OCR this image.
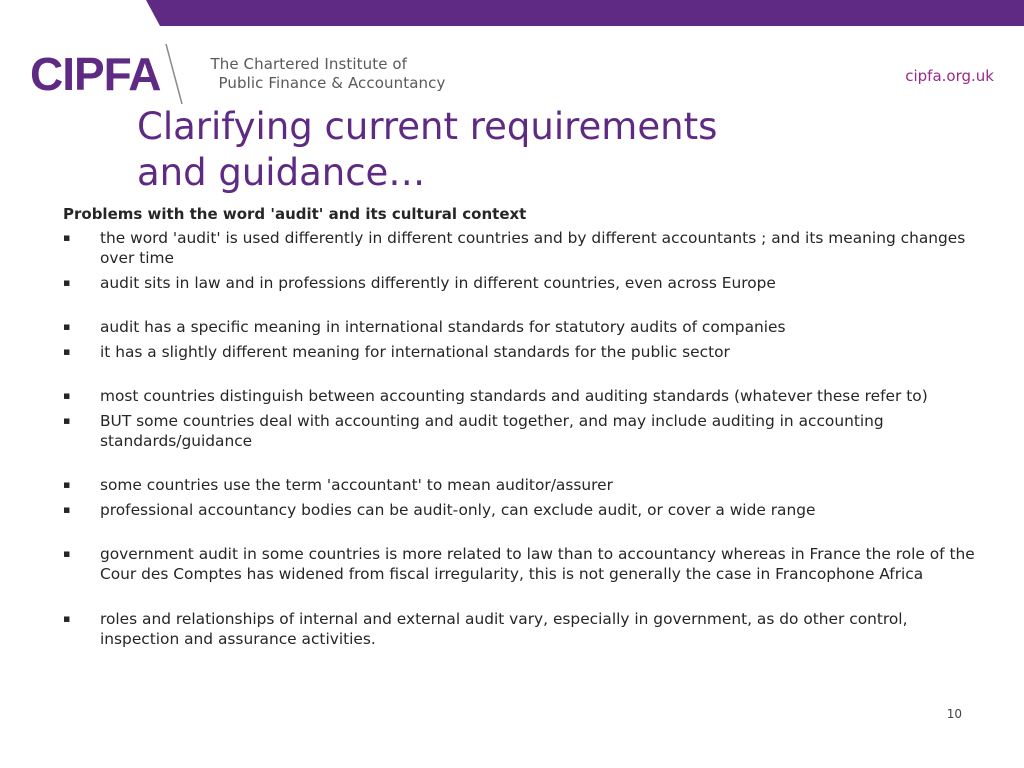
CIPFA	The Chartered Institute of
Public Finance & Accountancy	cipfa.org.uk
Clarifying current requirements
and guidance…

Problems with the word 'audit' and its cultural context

▪ the word 'audit' is used differently in different countries and by different accountants ; and its meaning changes over time
▪ audit sits in law and in professions differently in different countries, even across Europe
▪ audit has a specific meaning in international standards for statutory audits of companies
▪ it has a slightly different meaning for international standards for the public sector
▪ most countries distinguish between accounting standards and auditing standards (whatever these refer to)
▪ BUT some countries deal with accounting and audit together, and may include auditing in accounting standards/guidance
▪ some countries use the term 'accountant' to mean auditor/assurer
▪ professional accountancy bodies can be audit-only, can exclude audit, or cover a wide range
▪ government audit in some countries is more related to law than to accountancy whereas in France the role of the Cour des Comptes has widened from fiscal irregularity, this is not generally the case in Francophone Africa
▪ roles and relationships of internal and external audit vary, especially in government, as do other control, inspection and assurance activities.
10
